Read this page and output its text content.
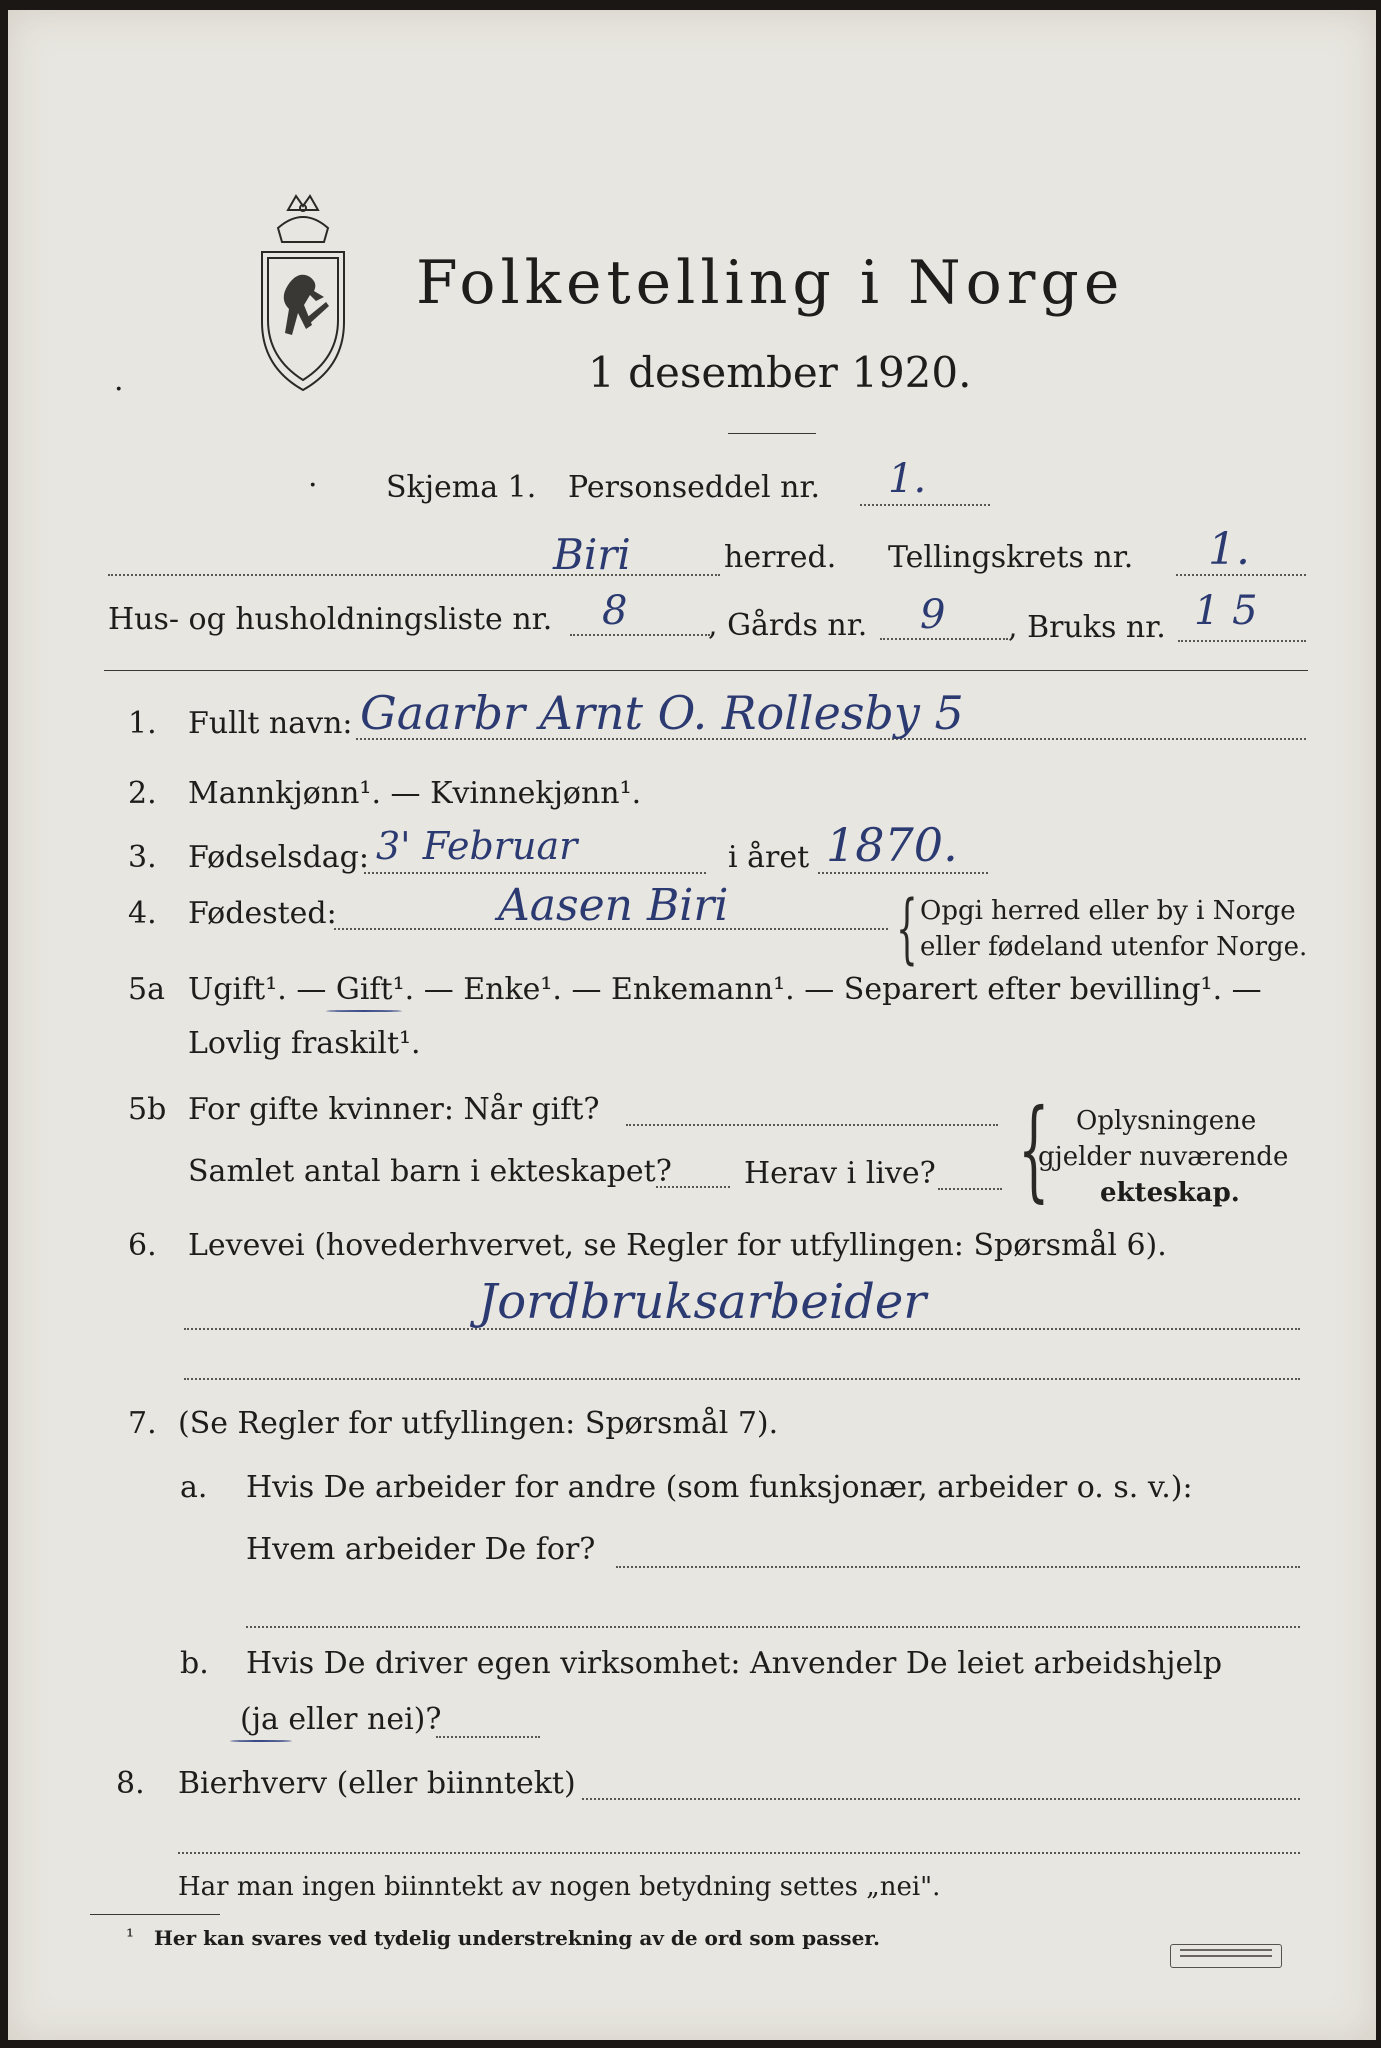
Folketelling i Norge
1 desember 1920.
·
· Skjema 1. Personseddel nr. 1.
Biri	herred. Tellingskrets nr. 1.
Hus- og husholdningsliste nr. 8	, Gårds nr. 9 , Bruks nr. 1 5
1. Fullt navn: Gaarbr Arnt O. Rollesby 5
2. Mannkjønn¹. — Kvinnekjønn¹.
3. Fødselsdag: 3' Februar	i året 1870.
4. Fødested:	Aasen Biri { Opgi herred eller by i Norge
eller fødeland utenfor Norge.
5a Ugift¹. — Gift¹. — Enke¹. — Enkemann¹. — Separert efter bevilling¹. —
Lovlig fraskilt¹.
5b For gifte kvinner: Når gift?
Samlet antal barn i ekteskapet? Herav i live? { Oplysningene
gjelder nuværende
ekteskap.
6. Levevei (hovederhvervet, se Regler for utfyllingen: Spørsmål 6).
Jordbruksarbeider
7. (Se Regler for utfyllingen: Spørsmål 7).
a. Hvis De arbeider for andre (som funksjonær, arbeider o. s. v.):
Hvem arbeider De for?
b. Hvis De driver egen virksomhet: Anvender De leiet arbeidshjelp
(ja eller nei)?
8. Bierhverv (eller biinntekt)
Har man ingen biinntekt av nogen betydning settes „nei".
¹ Her kan svares ved tydelig understrekning av de ord som passer.
